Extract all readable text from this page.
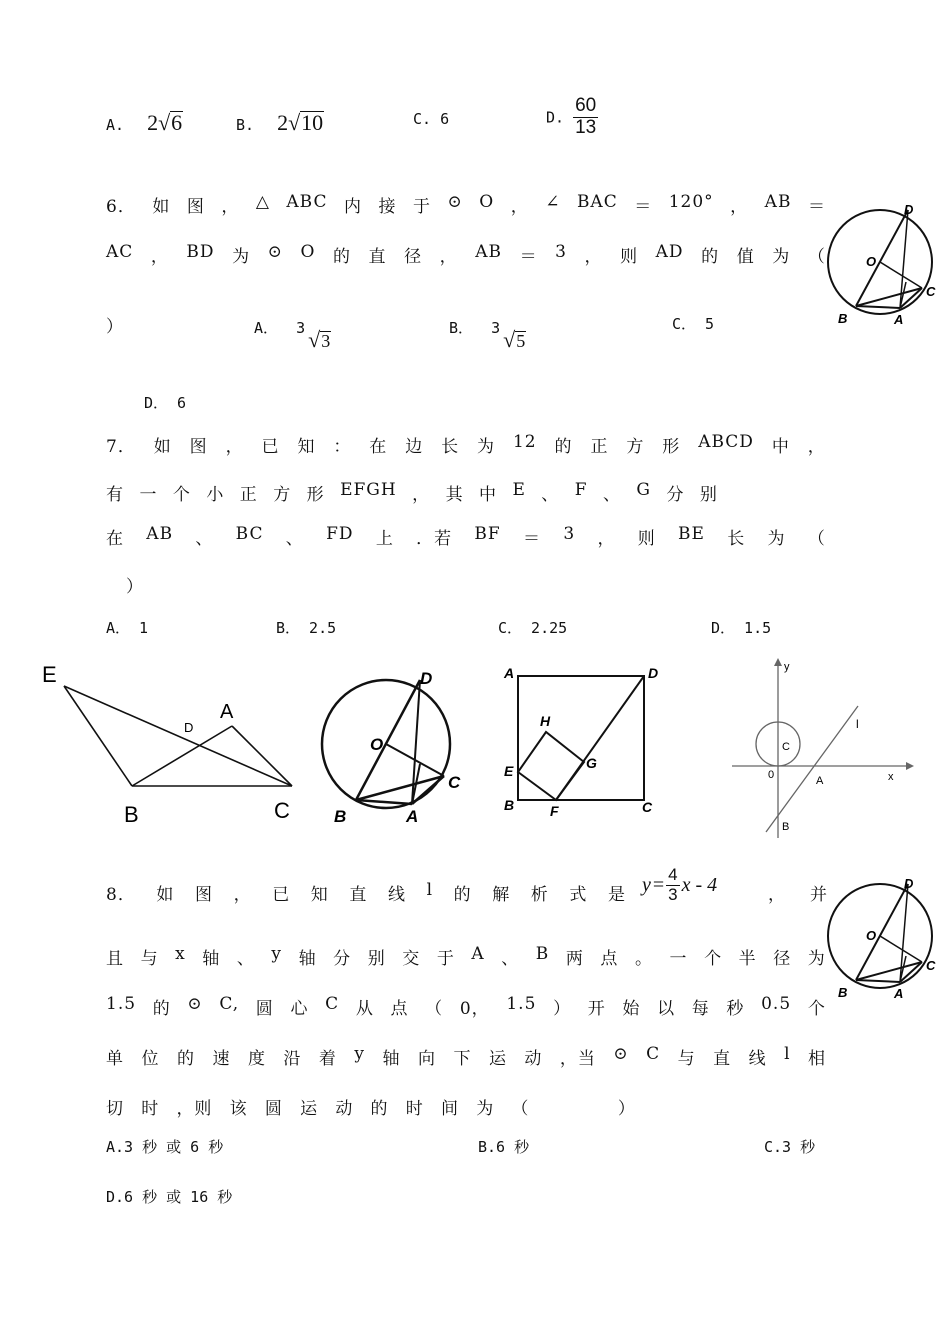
A. 2√6	B. 2√10	C. 6	D. $\frac{60}{13}$
6． 如 图 ， △ ABC 内 接 于 ⊙ O ， ∠ BAC ＝ 120° ， AB ＝
AC ， BD 为 ⊙ O 的 直 径 ， AB ＝ 3 ， 则 AD 的 值 为 （
）	A． 3 √3
B． 3 √5
C． 5
D． 6
D
O
C
B	A
7． 如 图 ， 已 知 ： 在 边 长 为 12 的 正 方 形 ABCD 中 ，
有 一 个 小 正 方 形 EFGH ， 其 中 E 、 F 、 G 分 别
在 AB 、 BC 、 FD 上 ．若 BF ＝ 3 ， 则 BE 长 为 （
）
A． 1	B． 2.5	C． 2.25	D． 1.5
E
A
D
B	C
D
O
C
B	A
A	D
H
G
E
B	F	C
y
C
0
l
A	x
B
8． 如 图 ， 已 知 直 线 l 的 解 析 式 是 $y = \frac{4}{3}$ x - 4	， 并
且 与 x 轴 、 y 轴 分 别 交 于 A 、 B 两 点 。 一 个 半 径 为
1.5 的 ⊙ C, 圆 心 C 从 点 （ 0， 1.5 ） 开 始 以 每 秒 0.5 个
单 位 的 速 度 沿 着 y 轴 向 下 运 动 ，当 ⊙ C 与 直 线 l 相
切 时 ，则 该 圆 运 动 的 时 间 为 （
　　　	）
A.3 秒 或 6 秒	B.6 秒	C.3 秒
D.6 秒 或 16 秒
D
O
C
B	A
